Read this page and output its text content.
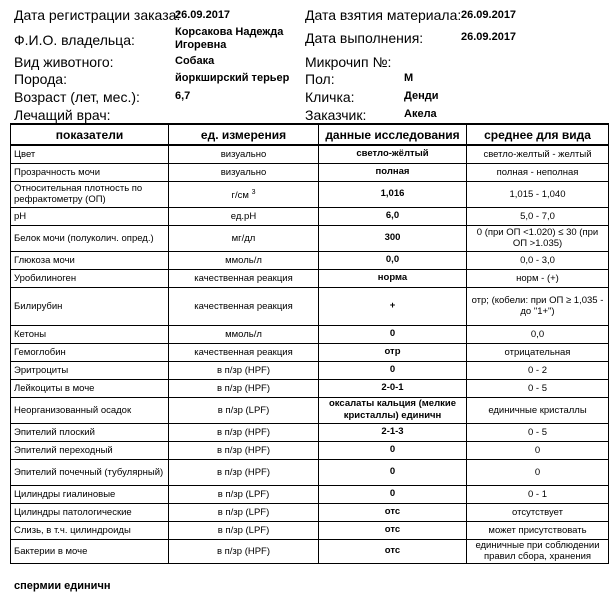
Дата регистрации заказа:
26.09.2017
Ф.И.О. владельца:	Корсакова Надежда
Игоревна
Вид животного:	Собака
Порода:	йоркширский терьер
Возраст (лет, мес.):	6,7
Лечащий врач:
Дата взятия материала: 26.09.2017
Дата выполнения:	26.09.2017
Микрочип №:
Пол:	М
Кличка:	Денди
Заказчик:	Акела
показатели	ед. измерения	данные исследования	среднее для вида
Цвет	визуально	светло-жёлтый	светло-желтый - желтый
Прозрачность мочи	визуально	полная	полная - неполная
Относительная плотность по рефрактометру (ОП)	г/см $^3$	1,016	1,015 - 1,040
pH	ед.pH	6,0	5,0 - 7,0
Белок мочи (полуколич. опред.)	мг/дл	300	0 (при ОП <1.020) ≤ 30 (при ОП >1.035)
Глюкоза мочи	ммоль/л	0,0	0,0 - 3,0
Уробилиноген	качественная реакция	норма	норм - (+)
Билирубин	качественная реакция	+	отр; (кобели: при ОП ≥ 1,035 - до "1+")
Кетоны	ммоль/л	0	0,0
Гемоглобин	качественная реакция	отр	отрицательная
Эритроциты	в п/зр (HPF)	0	0 - 2
Лейкоциты в моче	в п/зр (HPF)	2-0-1	0 - 5
Неорганизованный осадок	в п/зр (LPF)	оксалаты кальция (мелкие кристаллы) единичн	единичные кристаллы
Эпителий плоский	в п/зр (HPF)	2-1-3	0 - 5
Эпителий переходный	в п/зр (HPF)	0	0
Эпителий почечный (тубулярный)	в п/зр (HPF)	0	0
Цилиндры гиалиновые	в п/зр (LPF)	0	0 - 1
Цилиндры патологические	в п/зр (LPF)	отс	отсутствует
Слизь, в т.ч. цилиндроиды	в п/зр (LPF)	отс	может присутствовать
Бактерии в моче	в п/зр (HPF)	отс	единичные при соблюдении правил сбора, хранения
спермии единичн
